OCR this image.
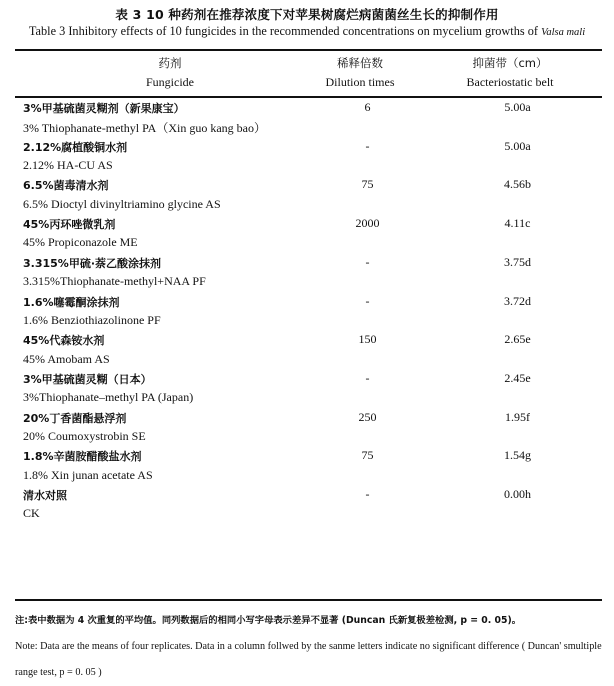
表 3 10 种药剂在推荐浓度下对苹果树腐烂病菌菌丝生长的抑制作用
Table 3 Inhibitory effects of 10 fungicides in the recommended concentrations on mycelium growths of Valsa mali
药剂	稀释倍数	抑菌带（cm）
Fungicide	Dilution times	Bacteriostatic belt
3%甲基硫菌灵糊剂（新果康宝）	6	5.00a
3% Thiophanate-methyl PA（Xin guo kang bao）
2.12%腐植酸铜水剂	-	5.00a
2.12% HA-CU AS
6.5%菌毒清水剂	75	4.56b
6.5% Dioctyl divinyltriamino glycine AS
45%丙环唑微乳剂	2000	4.11c
45% Propiconazole ME
3.315%甲硫·萘乙酸涂抹剂	-	3.75d
3.315%Thiophanate-methyl+NAA PF
1.6%噻霉酮涂抹剂	-	3.72d
1.6% Benziothiazolinone PF
45%代森铵水剂	150	2.65e
45% Amobam AS
3%甲基硫菌灵糊（日本）	-	2.45e
3%Thiophanate–methyl PA (Japan)
20%丁香菌酯悬浮剂	250	1.95f
20% Coumoxystrobin SE
1.8%辛菌胺醋酸盐水剂	75	1.54g
1.8% Xin junan acetate AS
清水对照	-	0.00h
CK
注:表中数据为 4 次重复的平均值。同列数据后的相同小写字母表示差异不显著 (Duncan 氏新复极差检测, p = 0. 05)。
Note: Data are the means of four replicates. Data in a column follwed by the sanme letters indicate no significant difference ( Duncan' smultiple
range test, p = 0. 05 )
